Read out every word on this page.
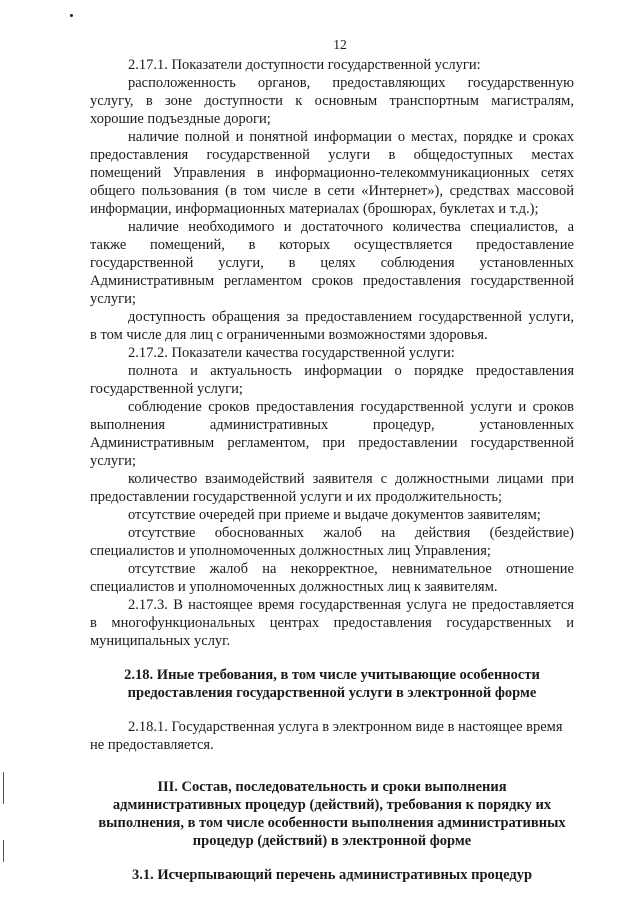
12

2.17.1. Показатели доступности государственной услуги:

расположенность органов, предоставляющих государственную

услугу, в зоне доступности к основным транспортным магистралям,

хорошие подъездные дороги;

наличие полной и понятной информации о местах, порядке и сроках

предоставления государственной услуги в общедоступных местах

помещений Управления в информационно-телекоммуникационных сетях

общего пользования (в том числе в сети «Интернет»), средствах массовой

информации, информационных материалах (брошюрах, буклетах и т.д.);

наличие необходимого и достаточного количества специалистов, а

также помещений, в которых осуществляется предоставление

государственной услуги, в целях соблюдения установленных

Административным регламентом сроков предоставления государственной

услуги;

доступность обращения за предоставлением государственной услуги,

в том числе для лиц с ограниченными возможностями здоровья.

2.17.2. Показатели качества государственной услуги:

полнота и актуальность информации о порядке предоставления

государственной услуги;

соблюдение сроков предоставления государственной услуги и сроков

выполнения административных процедур, установленных

Административным регламентом, при предоставлении государственной

услуги;

количество взаимодействий заявителя с должностными лицами при

предоставлении государственной услуги и их продолжительность;

отсутствие очередей при приеме и выдаче документов заявителям;

отсутствие обоснованных жалоб на действия (бездействие)

специалистов и уполномоченных должностных лиц Управления;

отсутствие жалоб на некорректное, невнимательное отношение

специалистов и уполномоченных должностных лиц к заявителям.

2.17.3. В настоящее время государственная услуга не предоставляется

в многофункциональных центрах предоставления государственных и

муниципальных услуг.

2.18. Иные требования, в том числе учитывающие особенности

предоставления государственной услуги в электронной форме

2.18.1. Государственная услуга в электронном виде в настоящее время

не предоставляется.

III. Состав, последовательность и сроки выполнения

административных процедур (действий), требования к порядку их

выполнения, в том числе особенности выполнения административных

процедур (действий) в электронной форме

3.1. Исчерпывающий перечень административных процедур
